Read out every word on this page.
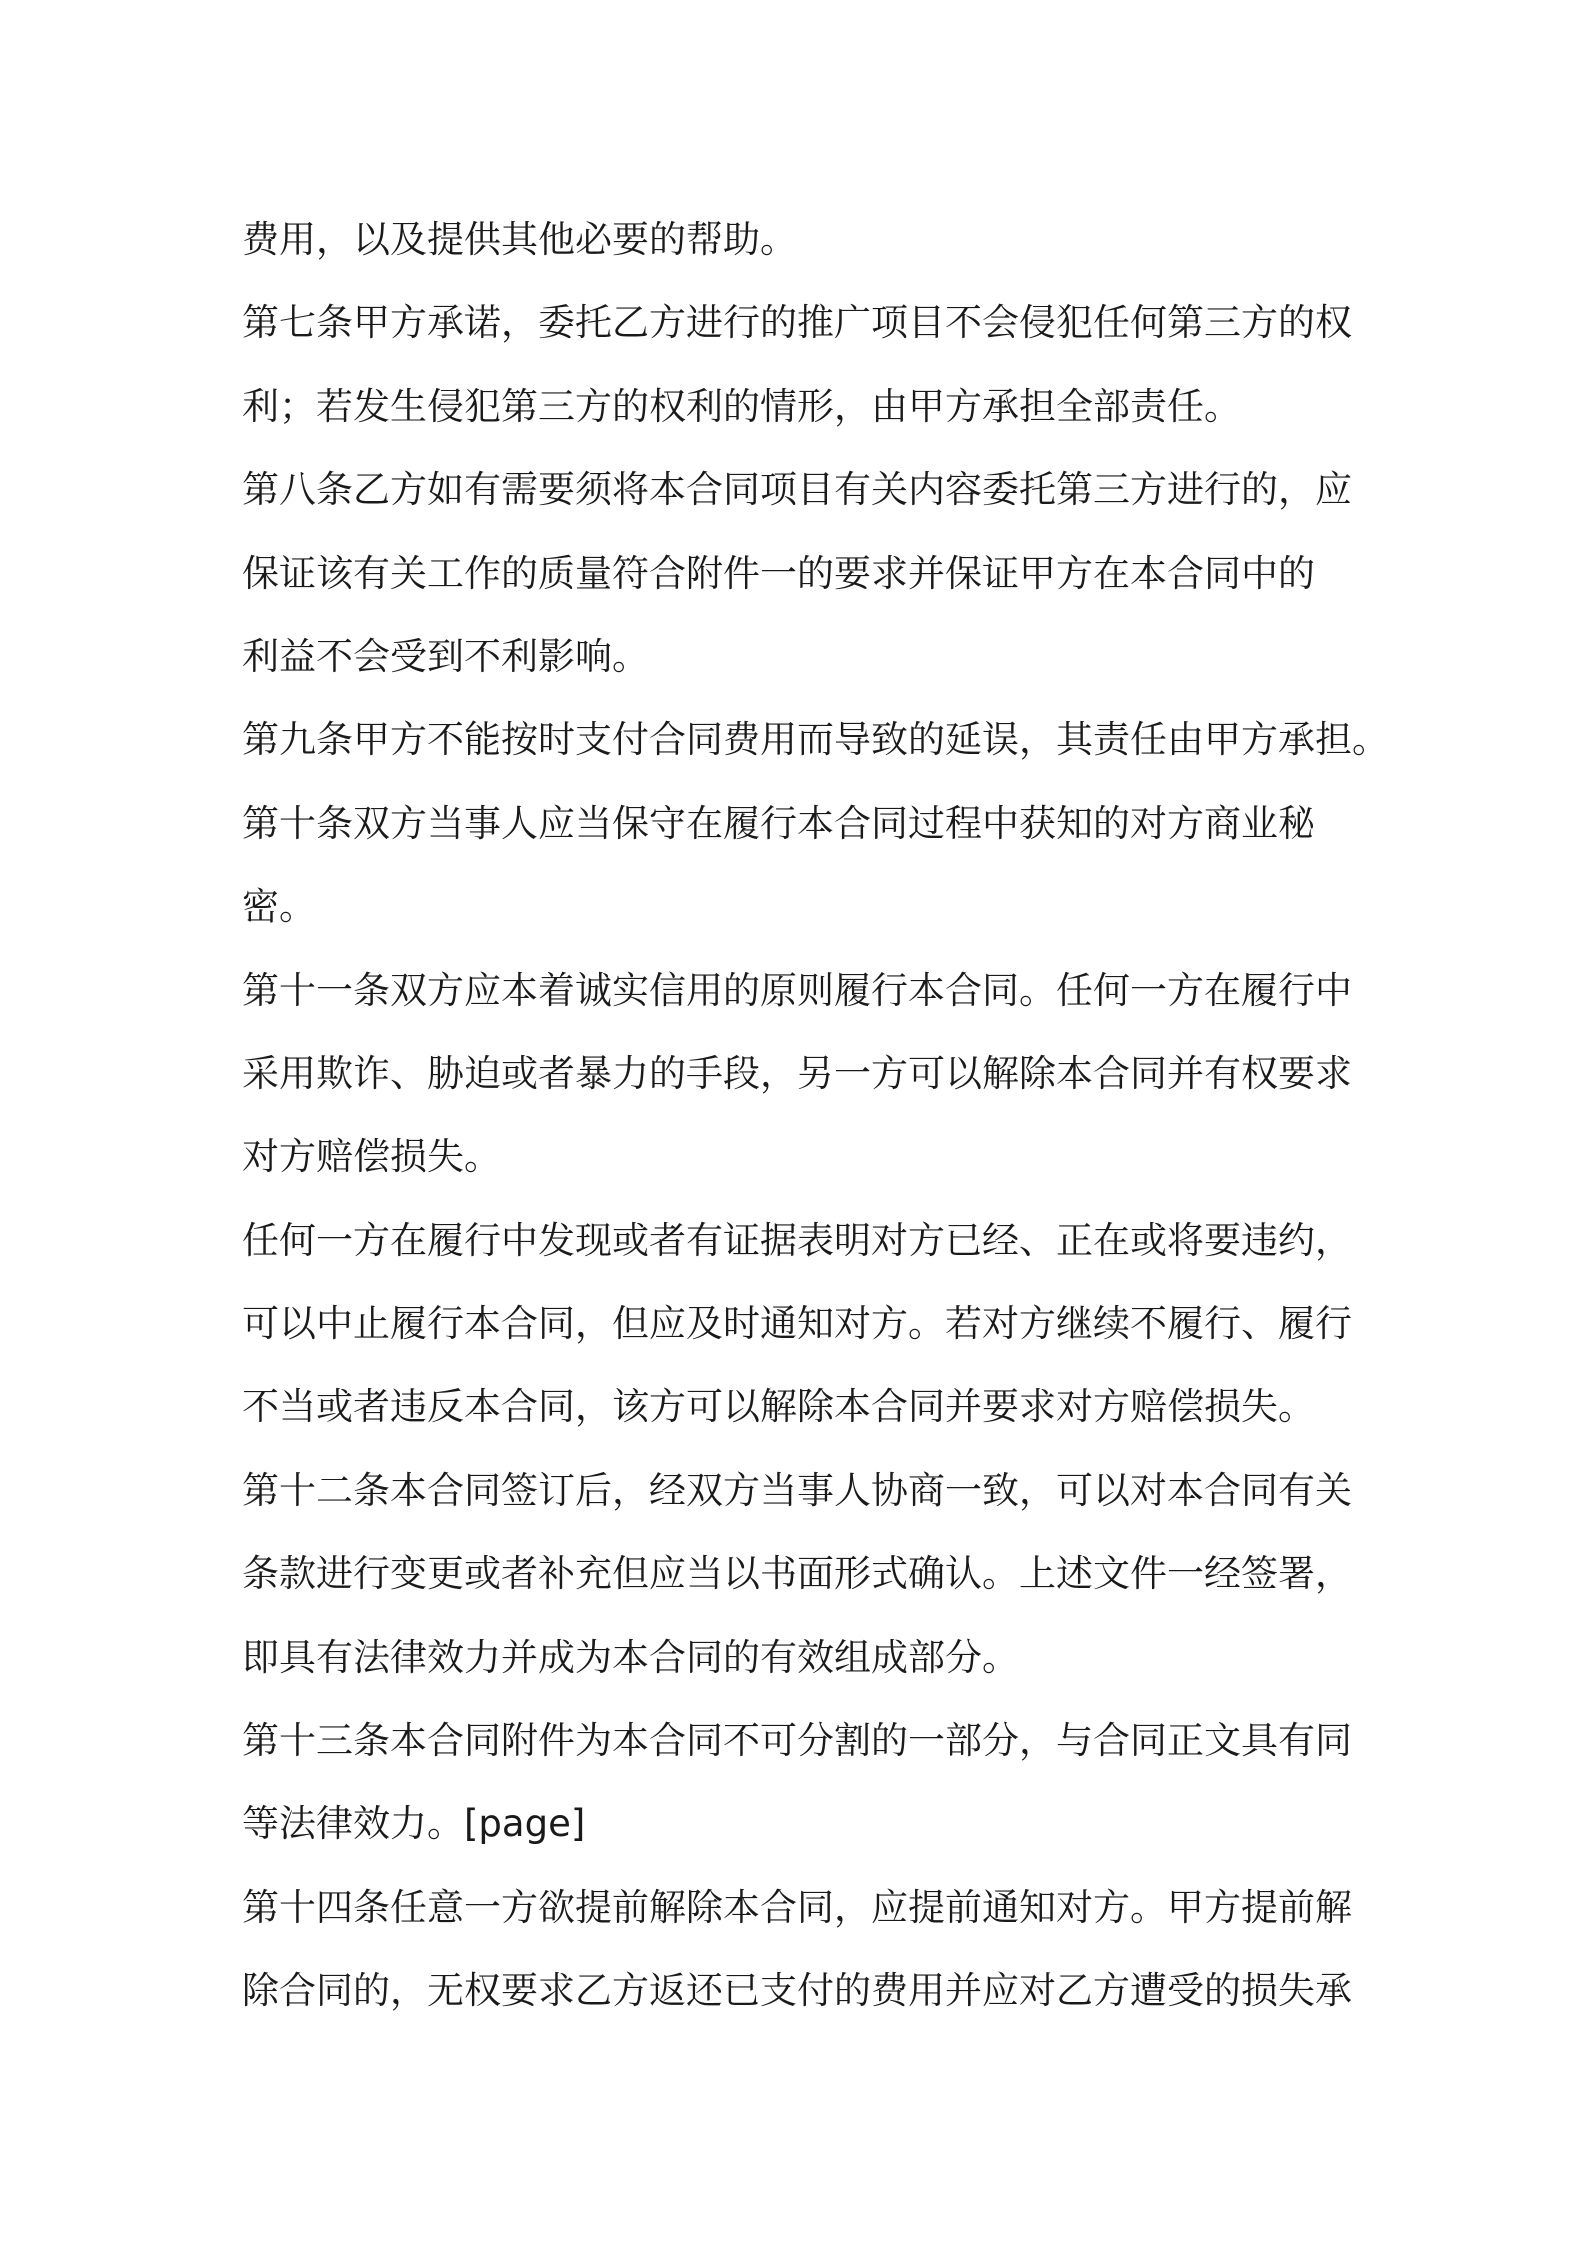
费用，以及提供其他必要的帮助。
第七条甲方承诺，委托乙方进行的推广项目不会侵犯任何第三方的权
利；若发生侵犯第三方的权利的情形，由甲方承担全部责任。
第八条乙方如有需要须将本合同项目有关内容委托第三方进行的，应
保证该有关工作的质量符合附件一的要求并保证甲方在本合同中的
利益不会受到不利影响。
第九条甲方不能按时支付合同费用而导致的延误，其责任由甲方承担。
第十条双方当事人应当保守在履行本合同过程中获知的对方商业秘
密。
第十一条双方应本着诚实信用的原则履行本合同。任何一方在履行中
采用欺诈、胁迫或者暴力的手段，另一方可以解除本合同并有权要求
对方赔偿损失。
任何一方在履行中发现或者有证据表明对方已经、正在或将要违约，
可以中止履行本合同，但应及时通知对方。若对方继续不履行、履行
不当或者违反本合同，该方可以解除本合同并要求对方赔偿损失。
第十二条本合同签订后，经双方当事人协商一致，可以对本合同有关
条款进行变更或者补充但应当以书面形式确认。上述文件一经签署，
即具有法律效力并成为本合同的有效组成部分。
第十三条本合同附件为本合同不可分割的一部分，与合同正文具有同
等法律效力。[page]
第十四条任意一方欲提前解除本合同，应提前通知对方。甲方提前解
除合同的，无权要求乙方返还已支付的费用并应对乙方遭受的损失承
